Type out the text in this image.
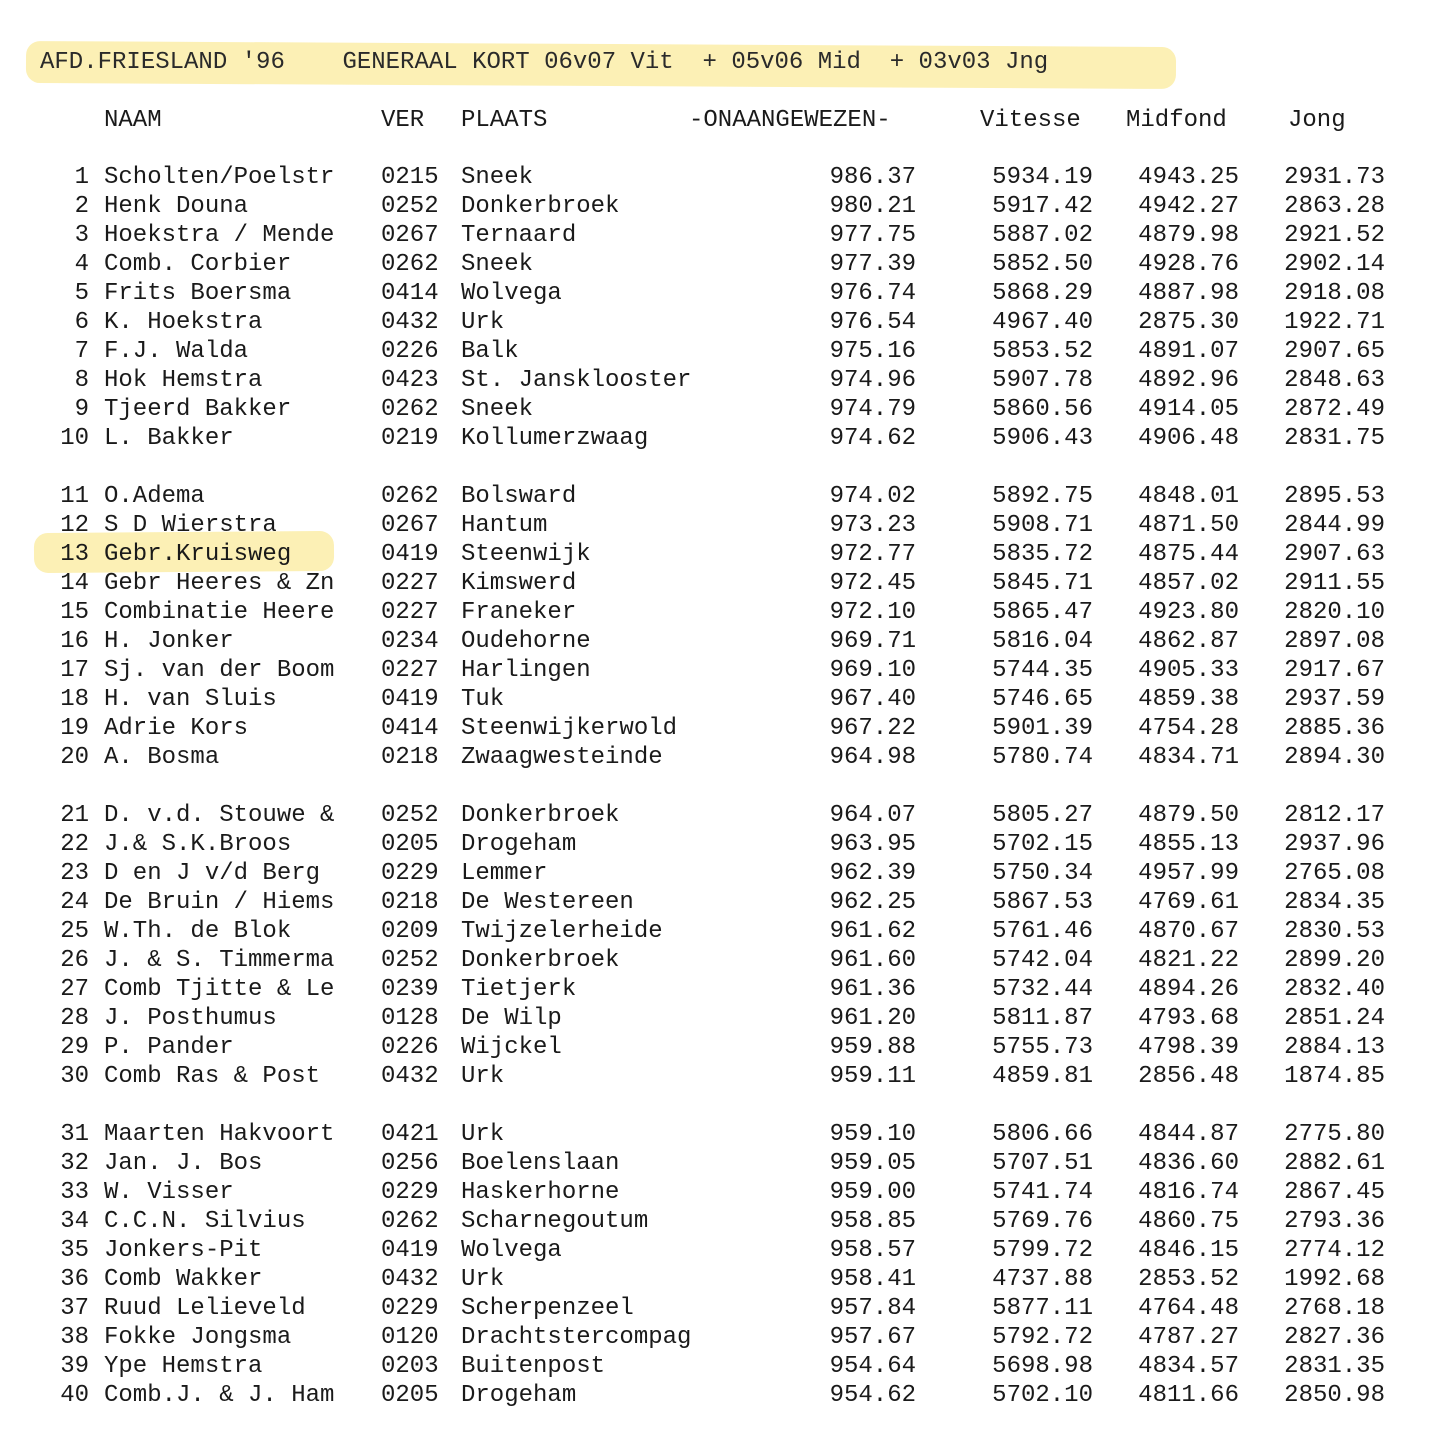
AFD.FRIESLAND '96    GENERAAL KORT 06v07 Vit  + 05v06 Mid  + 03v03 Jng
NAAM	VER PLAATS	-ONAANGEWEZEN-	Vitesse Midfond	Jong
1 Scholten/Poelstr	0215 Sneek	986.37	5934.19	4943.25	2931.73
2 Henk Douna	0252 Donkerbroek	980.21	5917.42	4942.27	2863.28
3 Hoekstra / Mende	0267 Ternaard	977.75	5887.02	4879.98	2921.52
4 Comb. Corbier	0262 Sneek	977.39	5852.50	4928.76	2902.14
5 Frits Boersma	0414 Wolvega	976.74	5868.29	4887.98	2918.08
6 K. Hoekstra	0432 Urk	976.54	4967.40	2875.30	1922.71
7 F.J. Walda	0226 Balk	975.16	5853.52	4891.07	2907.65
8 Hok Hemstra	0423 St. Jansklooster	974.96	5907.78	4892.96	2848.63
9 Tjeerd Bakker	0262 Sneek	974.79	5860.56	4914.05	2872.49
10 L. Bakker	0219 Kollumerzwaag	974.62	5906.43	4906.48	2831.75
11 O.Adema	0262 Bolsward	974.02	5892.75	4848.01	2895.53
12 S D Wierstra	0267 Hantum	973.23	5908.71	4871.50	2844.99
13 Gebr.Kruisweg	0419 Steenwijk	972.77	5835.72	4875.44	2907.63
14 Gebr Heeres & Zn	0227 Kimswerd	972.45	5845.71	4857.02	2911.55
15 Combinatie Heere	0227 Franeker	972.10	5865.47	4923.80	2820.10
16 H. Jonker	0234 Oudehorne	969.71	5816.04	4862.87	2897.08
17 Sj. van der Boom	0227 Harlingen	969.10	5744.35	4905.33	2917.67
18 H. van Sluis	0419 Tuk	967.40	5746.65	4859.38	2937.59
19 Adrie Kors	0414 Steenwijkerwold	967.22	5901.39	4754.28	2885.36
20 A. Bosma	0218 Zwaagwesteinde	964.98	5780.74	4834.71	2894.30
21 D. v.d. Stouwe &	0252 Donkerbroek	964.07	5805.27	4879.50	2812.17
22 J.& S.K.Broos	0205 Drogeham	963.95	5702.15	4855.13	2937.96
23 D en J v/d Berg	0229 Lemmer	962.39	5750.34	4957.99	2765.08
24 De Bruin / Hiems	0218 De Westereen	962.25	5867.53	4769.61	2834.35
25 W.Th. de Blok	0209 Twijzelerheide	961.62	5761.46	4870.67	2830.53
26 J. & S. Timmerma	0252 Donkerbroek	961.60	5742.04	4821.22	2899.20
27 Comb Tjitte & Le	0239 Tietjerk	961.36	5732.44	4894.26	2832.40
28 J. Posthumus	0128 De Wilp	961.20	5811.87	4793.68	2851.24
29 P. Pander	0226 Wijckel	959.88	5755.73	4798.39	2884.13
30 Comb Ras & Post	0432 Urk	959.11	4859.81	2856.48	1874.85
31 Maarten Hakvoort	0421 Urk	959.10	5806.66	4844.87	2775.80
32 Jan. J. Bos	0256 Boelenslaan	959.05	5707.51	4836.60	2882.61
33 W. Visser	0229 Haskerhorne	959.00	5741.74	4816.74	2867.45
34 C.C.N. Silvius	0262 Scharnegoutum	958.85	5769.76	4860.75	2793.36
35 Jonkers-Pit	0419 Wolvega	958.57	5799.72	4846.15	2774.12
36 Comb Wakker	0432 Urk	958.41	4737.88	2853.52	1992.68
37 Ruud Lelieveld	0229 Scherpenzeel	957.84	5877.11	4764.48	2768.18
38 Fokke Jongsma	0120 Drachtstercompag	957.67	5792.72	4787.27	2827.36
39 Ype Hemstra	0203 Buitenpost	954.64	5698.98	4834.57	2831.35
40 Comb.J. & J. Ham	0205 Drogeham	954.62	5702.10	4811.66	2850.98
